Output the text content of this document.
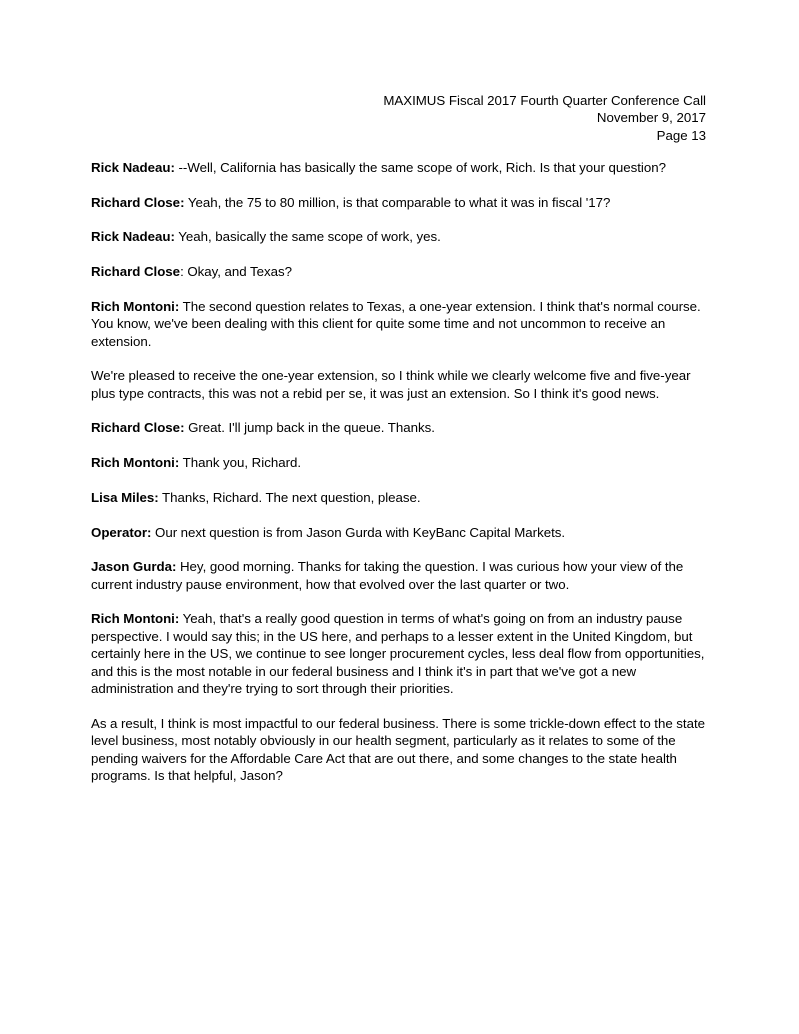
MAXIMUS Fiscal 2017 Fourth Quarter Conference Call
November 9, 2017
Page 13

Rick Nadeau: --Well, California has basically the same scope of work, Rich. Is that your question?

Richard Close: Yeah, the 75 to 80 million, is that comparable to what it was in fiscal '17?

Rick Nadeau: Yeah, basically the same scope of work, yes.

Richard Close: Okay, and Texas?

Rich Montoni: The second question relates to Texas, a one-year extension. I think that's normal course. You know, we've been dealing with this client for quite some time and not uncommon to receive an extension.

We're pleased to receive the one-year extension, so I think while we clearly welcome five and five-year plus type contracts, this was not a rebid per se, it was just an extension. So I think it's good news.

Richard Close: Great. I'll jump back in the queue. Thanks.

Rich Montoni: Thank you, Richard.

Lisa Miles: Thanks, Richard. The next question, please.

Operator: Our next question is from Jason Gurda with KeyBanc Capital Markets.

Jason Gurda: Hey, good morning. Thanks for taking the question. I was curious how your view of the current industry pause environment, how that evolved over the last quarter or two.

Rich Montoni: Yeah, that's a really good question in terms of what's going on from an industry pause perspective. I would say this; in the US here, and perhaps to a lesser extent in the United Kingdom, but certainly here in the US, we continue to see longer procurement cycles, less deal flow from opportunities, and this is the most notable in our federal business and I think it's in part that we've got a new administration and they're trying to sort through their priorities.

As a result, I think is most impactful to our federal business. There is some trickle-down effect to the state level business, most notably obviously in our health segment, particularly as it relates to some of the pending waivers for the Affordable Care Act that are out there, and some changes to the state health programs. Is that helpful, Jason?
